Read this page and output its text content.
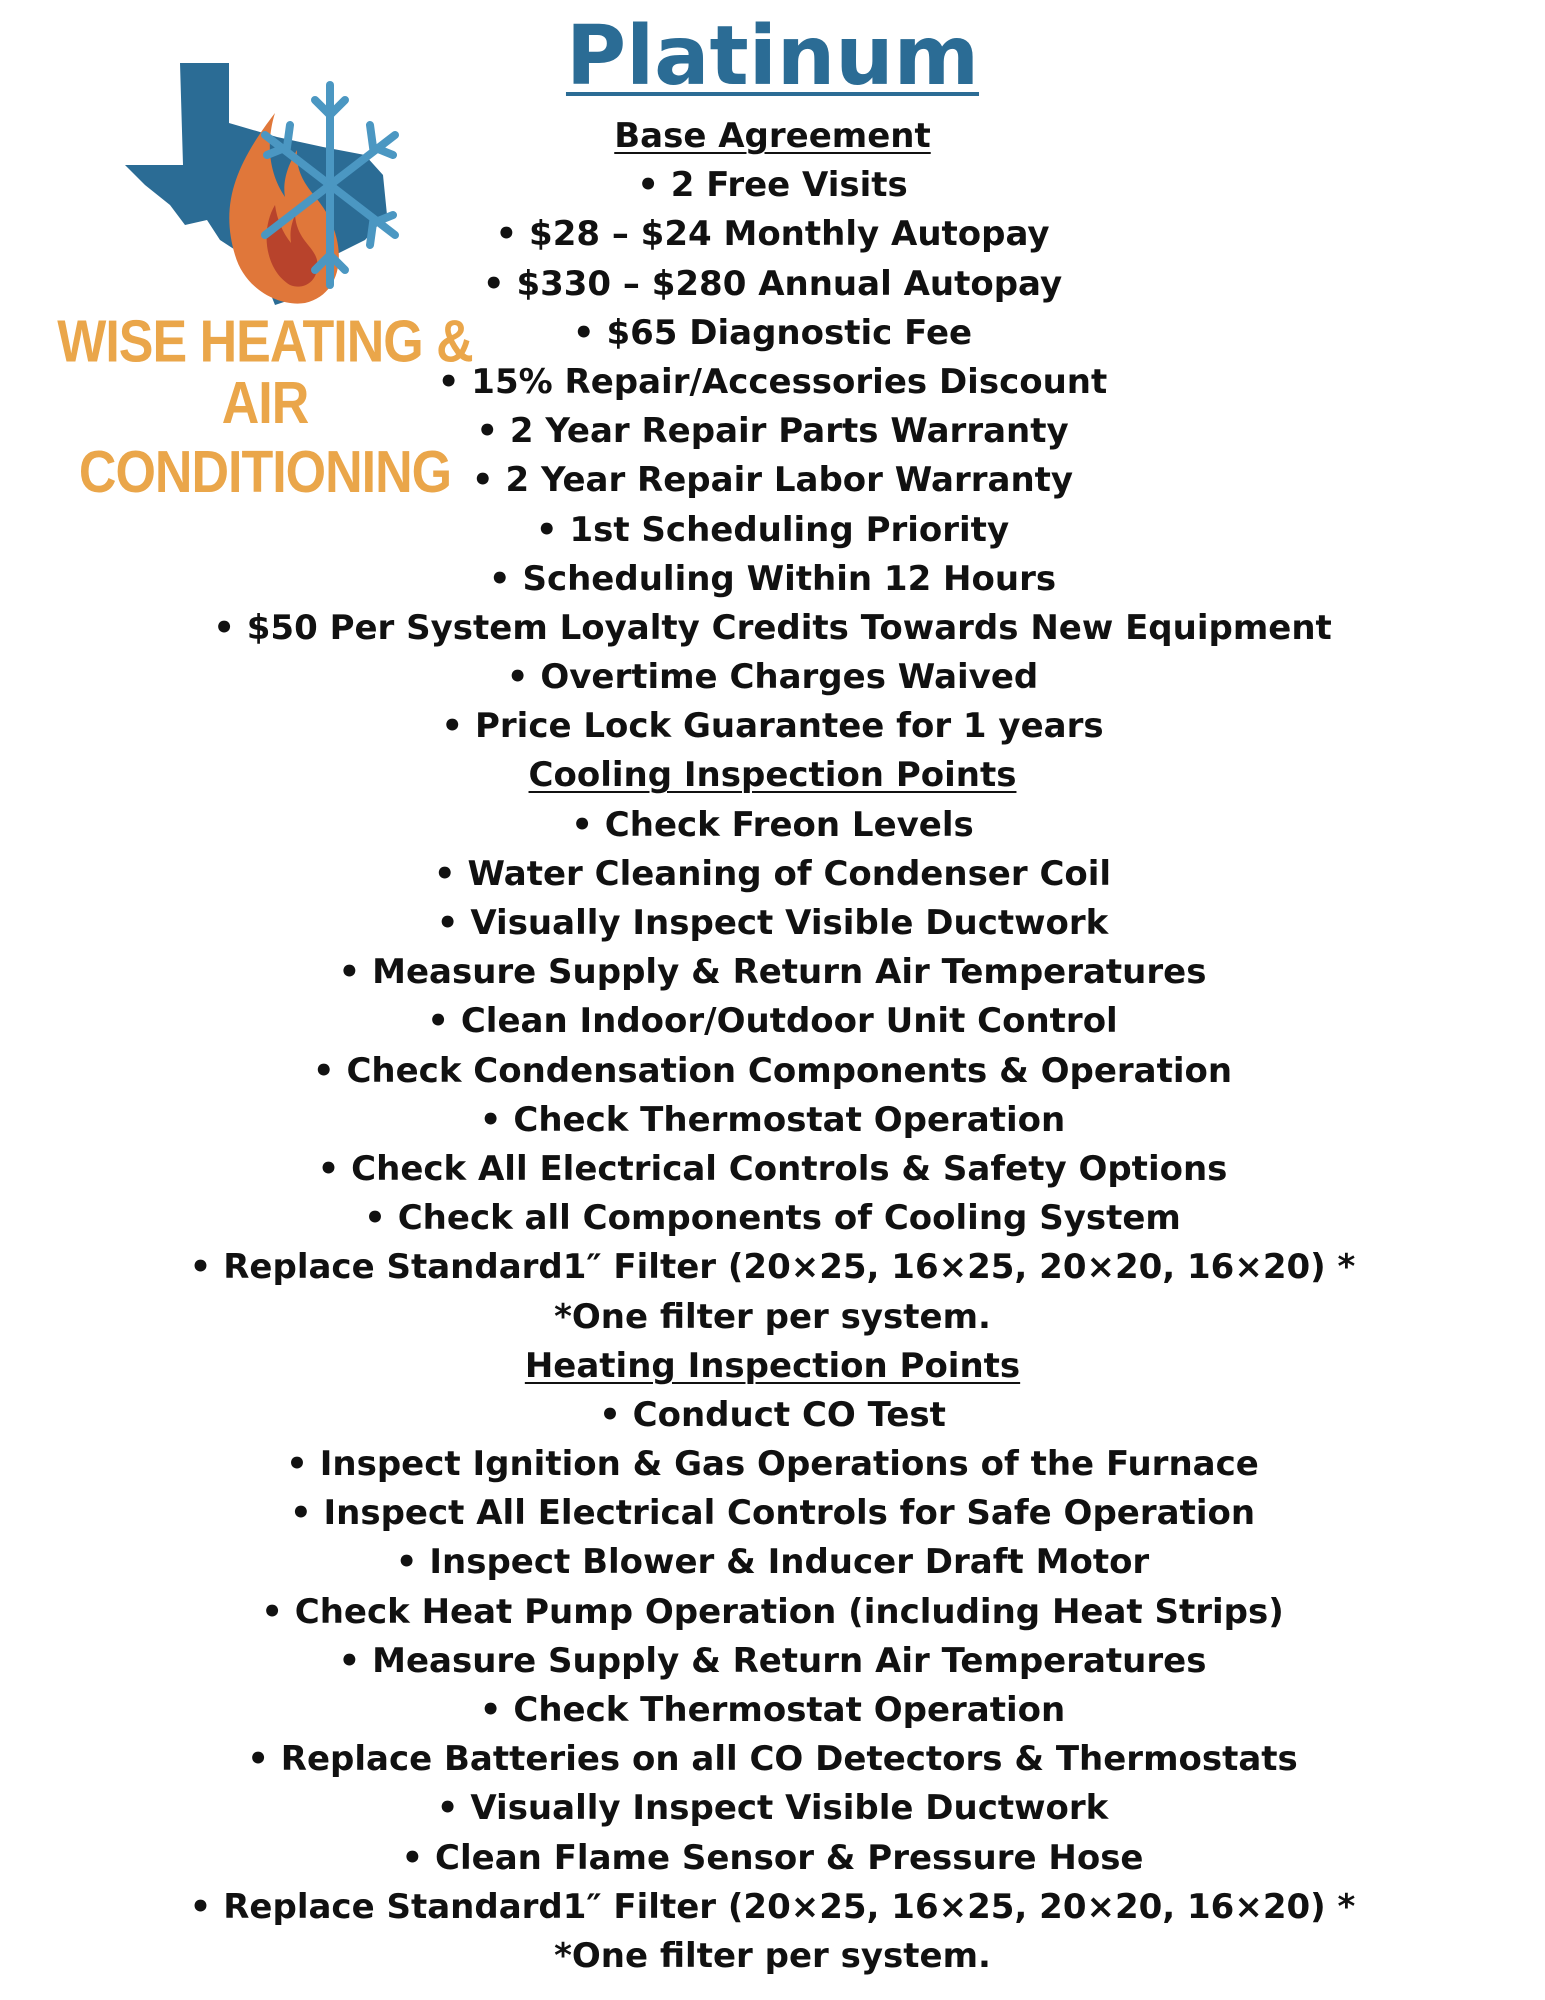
WISE HEATING &
AIR CONDITIONING
Platinum
Base Agreement
• 2 Free Visits
• $28 – $24 Monthly Autopay
• $330 – $280 Annual Autopay
• $65 Diagnostic Fee
• 15% Repair/Accessories Discount
• 2 Year Repair Parts Warranty
• 2 Year Repair Labor Warranty
• 1st Scheduling Priority
• Scheduling Within 12 Hours
• $50 Per System Loyalty Credits Towards New Equipment
• Overtime Charges Waived
• Price Lock Guarantee for 1 years
Cooling Inspection Points
• Check Freon Levels
• Water Cleaning of Condenser Coil
• Visually Inspect Visible Ductwork
• Measure Supply & Return Air Temperatures
• Clean Indoor/Outdoor Unit Control
• Check Condensation Components & Operation
• Check Thermostat Operation
• Check All Electrical Controls & Safety Options
• Check all Components of Cooling System
• Replace Standard1″ Filter (20×25, 16×25, 20×20, 16×20) *
*One filter per system.
Heating Inspection Points
• Conduct CO Test
• Inspect Ignition & Gas Operations of the Furnace
• Inspect All Electrical Controls for Safe Operation
• Inspect Blower & Inducer Draft Motor
• Check Heat Pump Operation (including Heat Strips)
• Measure Supply & Return Air Temperatures
• Check Thermostat Operation
• Replace Batteries on all CO Detectors & Thermostats
• Visually Inspect Visible Ductwork
• Clean Flame Sensor & Pressure Hose
• Replace Standard1″ Filter (20×25, 16×25, 20×20, 16×20) *
*One filter per system.
